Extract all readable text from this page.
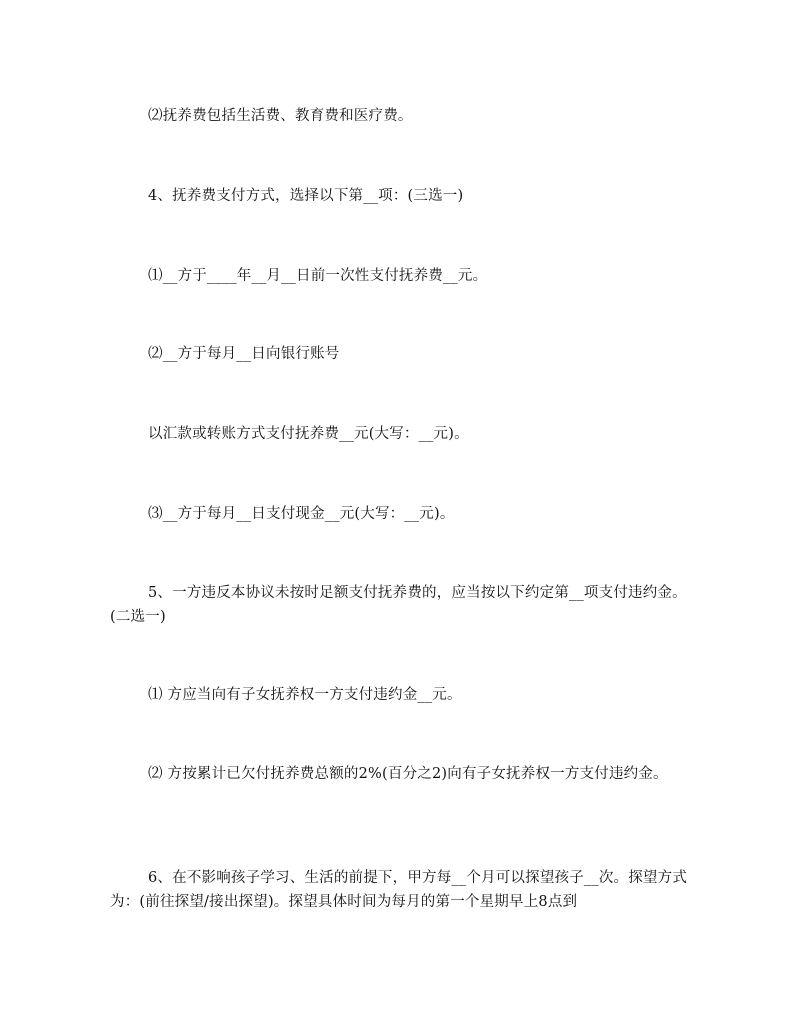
⑵抚养费包括生活费、教育费和医疗费。

4、抚养费支付方式，选择以下第__项：(三选一)

⑴__方于____年__月__日前一次性支付抚养费__元。

⑵__方于每月__日向银行账号

以汇款或转账方式支付抚养费__元(大写：__元)。

⑶__方于每月__日支付现金__元(大写：__元)。

5、一方违反本协议未按时足额支付抚养费的，应当按以下约定第__项支付违约金。(二选一)

⑴ 方应当向有子女抚养权一方支付违约金__元。

⑵ 方按累计已欠付抚养费总额的2%(百分之2)向有子女抚养权一方支付违约金。

6、在不影响孩子学习、生活的前提下，甲方每__个月可以探望孩子__次。探望方式为：(前往探望/接出探望)。探望具体时间为每月的第一个星期早上8点到
